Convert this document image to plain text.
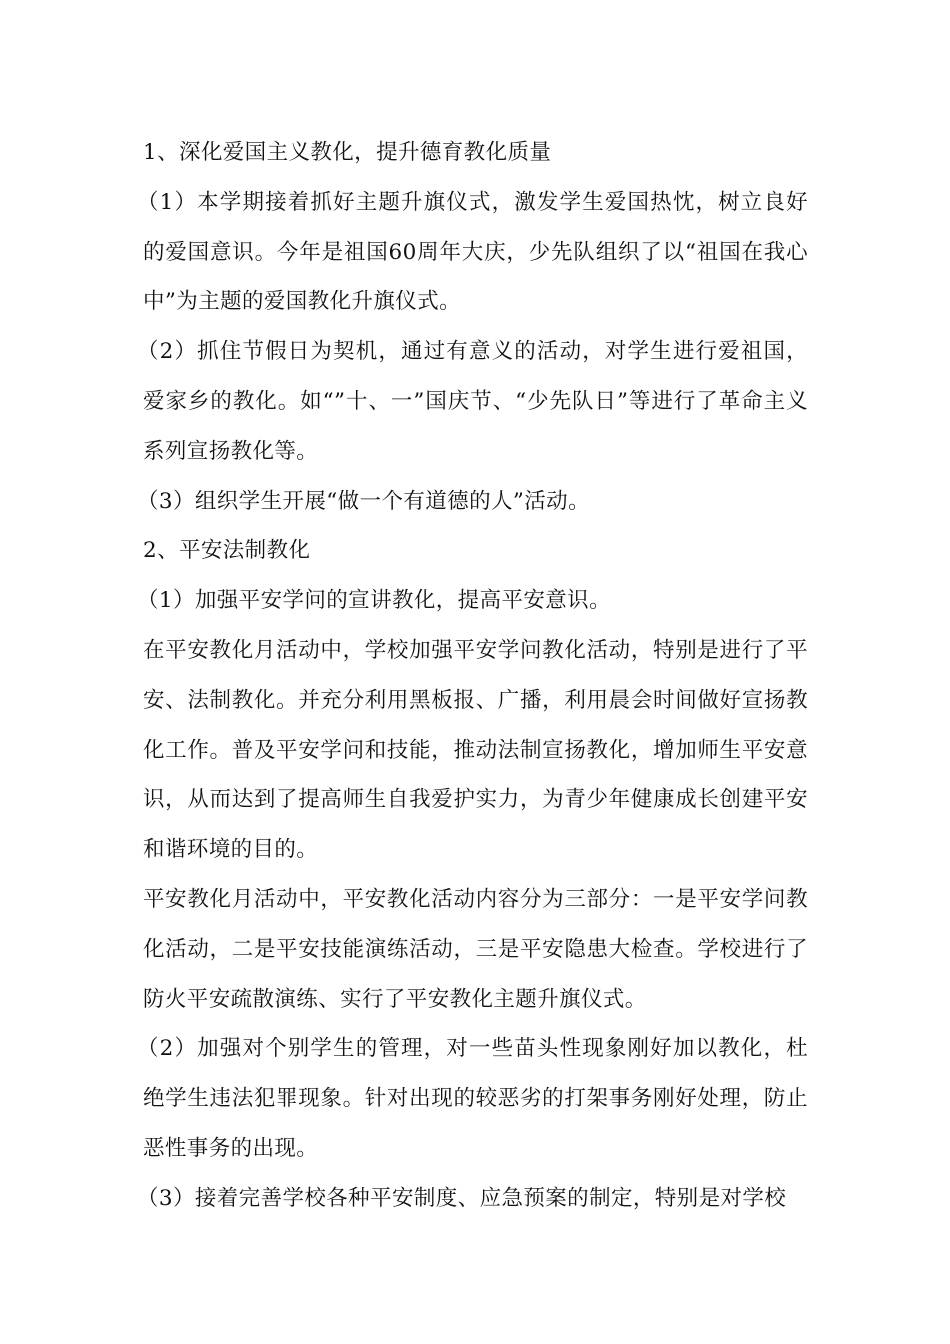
1、深化爱国主义教化，提升德育教化质量

（1）本学期接着抓好主题升旗仪式，激发学生爱国热忱，树立良好的爱国意识。今年是祖国60周年大庆，少先队组织了以“祖国在我心中”为主题的爱国教化升旗仪式。

（2）抓住节假日为契机，通过有意义的活动，对学生进行爱祖国，爱家乡的教化。如“”十、一”国庆节、“少先队日”等进行了革命主义系列宣扬教化等。

（3）组织学生开展“做一个有道德的人”活动。

2、平安法制教化

（1）加强平安学问的宣讲教化，提高平安意识。

在平安教化月活动中，学校加强平安学问教化活动，特别是进行了平安、法制教化。并充分利用黑板报、广播，利用晨会时间做好宣扬教化工作。普及平安学问和技能，推动法制宣扬教化，增加师生平安意识，从而达到了提高师生自我爱护实力，为青少年健康成长创建平安和谐环境的目的。

平安教化月活动中，平安教化活动内容分为三部分：一是平安学问教化活动，二是平安技能演练活动，三是平安隐患大检查。学校进行了防火平安疏散演练、实行了平安教化主题升旗仪式。

（2）加强对个别学生的管理，对一些苗头性现象刚好加以教化，杜绝学生违法犯罪现象。针对出现的较恶劣的打架事务刚好处理，防止恶性事务的出现。

（3）接着完善学校各种平安制度、应急预案的制定，特别是对学校
